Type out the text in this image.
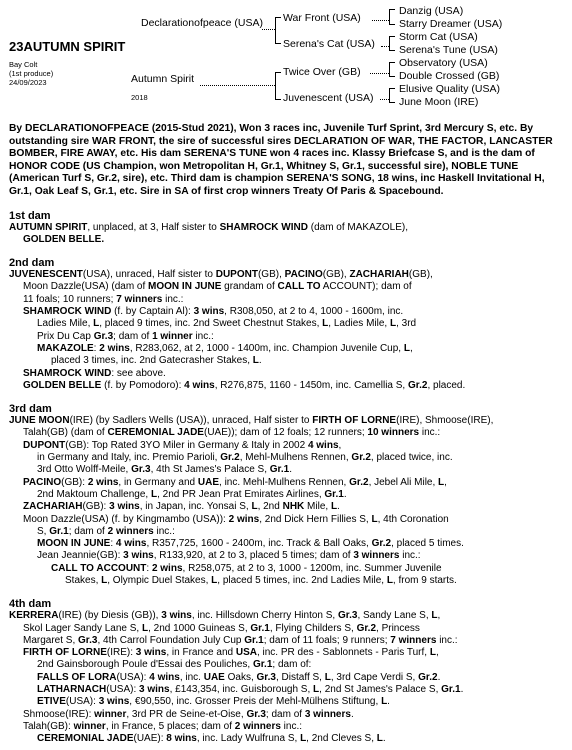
23AUTUMN SPIRIT
Bay Colt
(1st produce)
24/09/2023
Declarationofpeace (USA)
Autumn Spirit
2018
War Front (USA)
Serena's Cat (USA)
Twice Over (GB)
Juvenescent (USA)
Danzig (USA)
Starry Dreamer (USA)
Storm Cat (USA)
Serena's Tune (USA)
Observatory (USA)
Double Crossed (GB)
Elusive Quality (USA)
June Moon (IRE)

By DECLARATIONOFPEACE (2015-Stud 2021), Won 3 races inc, Juvenile Turf Sprint, 3rd Mercury S, etc. By outstanding sire WAR FRONT, the sire of successful sires DECLARATION OF WAR, THE FACTOR, LANCASTER BOMBER, FIRE AWAY, etc. His dam SERENA'S TUNE won 4 races inc. Klassy Briefcase S, and is the dam of HONOR CODE (US Champion, won Metropolitan H, Gr.1, Whitney S, Gr.1, successful sire), NOBLE TUNE (American Turf S, Gr.2, sire), etc. Third dam is champion SERENA'S SONG, 18 wins, inc Haskell Invitational H, Gr.1, Oak Leaf S, Gr.1, etc. Sire in SA of first crop winners Treaty Of Paris & Spacebound.

1st dam

AUTUMN SPIRIT, unplaced, at 3, Half sister to SHAMROCK WIND (dam of MAKAZOLE),

GOLDEN BELLE.

2nd dam

JUVENESCENT(USA), unraced, Half sister to DUPONT(GB), PACINO(GB), ZACHARIAH(GB),

Moon Dazzle(USA) (dam of MOON IN JUNE grandam of CALL TO ACCOUNT); dam of

11 foals; 10 runners; 7 winners inc.:

SHAMROCK WIND (f. by Captain Al): 3 wins, R308,050, at 2 to 4, 1000 - 1600m, inc.

Ladies Mile, L, placed 9 times, inc. 2nd Sweet Chestnut Stakes, L, Ladies Mile, L, 3rd

Prix Du Cap Gr.3; dam of 1 winner inc.:

MAKAZOLE: 2 wins, R283,062, at 2, 1000 - 1400m, inc. Champion Juvenile Cup, L,

placed 3 times, inc. 2nd Gatecrasher Stakes, L.

SHAMROCK WIND: see above.

GOLDEN BELLE (f. by Pomodoro): 4 wins, R276,875, 1160 - 1450m, inc. Camellia S, Gr.2, placed.

3rd dam

JUNE MOON(IRE) (by Sadlers Wells (USA)), unraced, Half sister to FIRTH OF LORNE(IRE), Shmoose(IRE),

Talah(GB) (dam of CEREMONIAL JADE(UAE)); dam of 12 foals; 12 runners; 10 winners inc.:

DUPONT(GB): Top Rated 3YO Miler in Germany & Italy in 2002 4 wins,

in Germany and Italy, inc. Premio Parioli, Gr.2, Mehl-Mulhens Rennen, Gr.2, placed twice, inc.

3rd Otto Wolff-Meile, Gr.3, 4th St James's Palace S, Gr.1.

PACINO(GB): 2 wins, in Germany and UAE, inc. Mehl-Mulhens Rennen, Gr.2, Jebel Ali Mile, L,

2nd Maktoum Challenge, L, 2nd PR Jean Prat Emirates Airlines, Gr.1.

ZACHARIAH(GB): 3 wins, in Japan, inc. Yonsai S, L, 2nd NHK Mile, L.

Moon Dazzle(USA) (f. by Kingmambo (USA)): 2 wins, 2nd Dick Hern Fillies S, L, 4th Coronation

S, Gr.1; dam of 2 winners inc.:

MOON IN JUNE: 4 wins, R357,725, 1600 - 2400m, inc. Track & Ball Oaks, Gr.2, placed 5 times.

Jean Jeannie(GB): 3 wins, R133,920, at 2 to 3, placed 5 times; dam of 3 winners inc.:

CALL TO ACCOUNT: 2 wins, R258,075, at 2 to 3, 1000 - 1200m, inc. Summer Juvenile

Stakes, L, Olympic Duel Stakes, L, placed 5 times, inc. 2nd Ladies Mile, L, from 9 starts.

4th dam

KERRERA(IRE) (by Diesis (GB)), 3 wins, inc. Hillsdown Cherry Hinton S, Gr.3, Sandy Lane S, L,

Skol Lager Sandy Lane S, L, 2nd 1000 Guineas S, Gr.1, Flying Childers S, Gr.2, Princess

Margaret S, Gr.3, 4th Carrol Foundation July Cup Gr.1; dam of 11 foals; 9 runners; 7 winners inc.:

FIRTH OF LORNE(IRE): 3 wins, in France and USA, inc. PR des - Sablonnets - Paris Turf, L,

2nd Gainsborough Poule d'Essai des Pouliches, Gr.1; dam of:

FALLS OF LORA(USA): 4 wins, inc. UAE Oaks, Gr.3, Distaff S, L, 3rd Cape Verdi S, Gr.2.

LATHARNACH(USA): 3 wins, £143,354, inc. Guisborough S, L, 2nd St James's Palace S, Gr.1.

ETIVE(USA): 3 wins, €90,550, inc. Grosser Preis der Mehl-Mülhens Stiftung, L.

Shmoose(IRE): winner, 3rd PR de Seine-et-Oise, Gr.3; dam of 3 winners.

Talah(GB): winner, in France, 5 places; dam of 2 winners inc.:

CEREMONIAL JADE(UAE): 8 wins, inc. Lady Wulfruna S, L, 2nd Cleves S, L.
